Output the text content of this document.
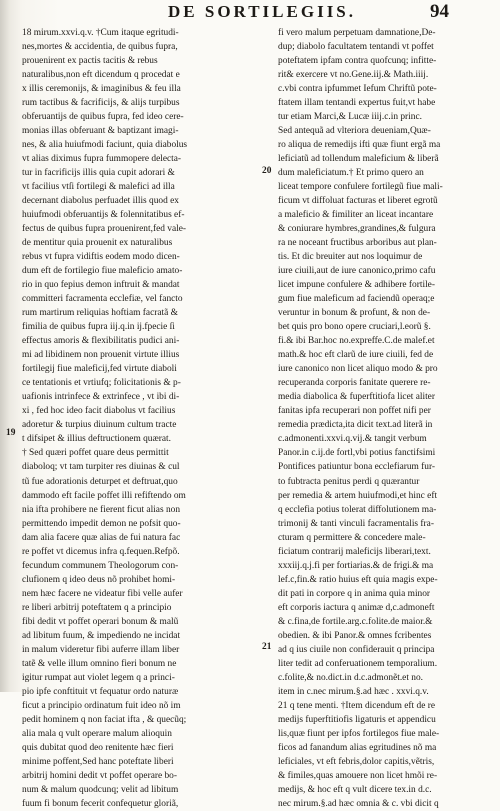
DE SORTILEGIIS.	94
19
20
21
18 mirum.xxvi.q.v. †Cum itaque egritudi-
nes,mortes & accidentia, de quibus fupra,
prouenirent ex pactis tacitis & rebus
naturalibus,non eft dicendum q procedat e
x illis ceremonijs, & imaginibus & feu illa
rum tactibus & facrificijs, & alijs turpibus
obferuantijs de quibus fupra, fed ideo cere-
monias illas obferuant & baptizant imagi-
nes, & alia huiufmodi faciunt, quia diabolus
vt alias diximus fupra fummopere delecta-
tur in facrificijs illis quia cupit adorari &
vt facilius vtſi fortilegi & malefici ad illa
decernant diabolus perfuadet illis quod ex
huiufmodi obferuantijs & folennitatibus ef-
fectus de quibus fupra prouenirent,fed vale-
de mentitur quia prouenit ex naturalibus
rebus vt fupra vidiftis eodem modo dicen-
dum eft de fortilegio fiue maleficio amato-
rio in quo fepius demon inftruit & mandat
committeri facramenta ecclefiæ, vel fancto
rum martirum reliquias hoftiam facratã &
fimilia de quibus fupra iij.q.in ij.fpecie ſi
effectus amoris & flexibilitatis pudici ani-
mi ad libidinem non prouenit virtute illius
fortilegij fiue maleficij,fed virtute diaboli
ce tentationis et vrtiufq; folicitationis & p-
uafionis intrinfece & extrinfece , vt ibi di-
xi , fed hoc ideo facit diabolus vt facilius
adoretur & turpius diuinum cultum tracte
t difsipet & illius deftructionem quærat.
† Sed quæri poffet quare deus permittit
diaboloq; vt tam turpiter res diuinas & cul
tũ fue adorationis deturpet et deftruat,quo
dammodo eft facile poffet illi refiftendo om
nia ifta prohibere ne fierent ficut alias non
permittendo impedit demon ne pofsit quo-
dam alia facere quæ alias de fui natura fac
re poffet vt dicemus infra q.fequen.Refpõ.
fecundum communem Theologorum con-
clufionem q ideo deus nõ prohibet homi-
nem hæc facere ne videatur fibi velle aufer
re liberi arbitrij poteftatem q a principio
fibi dedit vt poffet operari bonum & malũ
ad libitum fuum, & impediendo ne incidat
in malum videretur fibi auferre illam liber
tatẽ & velle illum omnino fieri bonum ne
igitur rumpat aut violet legem q a princi-
pio ipfe conftituit vt fequatur ordo naturæ
ficut a principio ordinatum fuit ideo nõ im
pedit hominem q non faciat ifta , & quecũq;
alia mala q vult operare malum alioquin
quis dubitat quod deo renitente hæc fieri
minime poffent,Sed hanc poteftate liberi
arbitrij homini dedit vt poffet operare bo-
num & malum quodcunq; velit ad libitum
fuum fi bonum fecerit confequetur gloriã,
fi vero malum perpetuam damnatione,De-
dup; diabolo facultatem tentandi vt poffet
poteftatem ipfam contra quofcunq; infitte-
rit& exercere vt no.Gene.iij.& Math.iiij.
c.vbi contra ipfummet Iefum Chriftũ pote-
ftatem illam tentandi expertus fuit,vt habe
tur etiam Marci,& Lucæ iiij.c.in princ.
Sed antequã ad vlteriora deueniam,Quæ-
ro aliqua de remedijs ifti quæ fiunt ergã ma
leficiatũ ad tollendum maleficium & liberã
dum maleficiatum.† Et primo quero an
liceat tempore confulere fortilegũ fiue mali-
ficum vt diffoluat facturas et liberet egrotũ
a maleficio & fimiliter an liceat incantare
& coniurare hymbres,grandines,& fulgura
ra ne noceant fructibus arboribus aut plan-
tis. Et dic breuiter aut nos loquimur de
iure ciuili,aut de iure canonico,primo cafu
licet impune confulere & adhibere fortile-
gum fiue maleficum ad faciendũ operaq;e
veruntur in bonum & profunt, & non de-
bet quis pro bono opere cruciari,l.eorũ §.
fi.& ibi Bar.hoc no.expreffe.C.de malef.et
math.& hoc eft clarũ de iure ciuili, fed de
iure canonico non licet aliquo modo & pro
recuperanda corporis fanitate querere re-
media diabolica & fuperftitiofa licet aliter
fanitas ipfa recuperari non poffet nifi per
remedia prædicta,ita dicit text.ad literã in
c.admonenti.xxvi.q.vij.& tangit verbum
Panor.in c.ij.de fortl,vbi potius fanctifsimi
Pontifices patiuntur bona ecclefiarum fur-
to fubtracta penitus perdi q quærantur
per remedia & artem huiufmodi,et hinc eft
q ecclefia potius tolerat diffolutionem ma-
trimonij & tanti vinculi facramentalis fra-
cturam q permittere & concedere male-
ficiatum contrarij maleficijs liberari,text.
xxxiij.q.j.fi per fortiarias.& de frigi.& ma
lef.c,fin.& ratio huius eft quia magis expe-
dit pati in corpore q in anima quia minor
eft corporis iactura q animæ d,c.admoneft
& c.fina,de fortile.arg.c.folite.de maior.&
obedien. & ibi Panor.& omnes fcribentes
ad q ius ciuile non confiderauit q principa
liter tedit ad conferuationem temporalium.
c.folite,& no.dict.in d.c.admonẽt.et no.
item in c.nec mirum.§.ad hæc . xxvi.q.v.
21 q tene menti. †Item dicendum eft de re
medijs fuperftitiofis ligaturis et appendicu
lis,quæ fiunt per ipfos fortilegos fiue male-
ficos ad fanandum alias egritudines nõ ma
leficiales, vt eft febris,dolor capitis,vẽtris,
& fimiles,quas amouere non licet hmõi re-
medijs, & hoc eft q vult dicere tex.in d.c.
nec mirum.§.ad hæc omnia & c. vbi dicit q
